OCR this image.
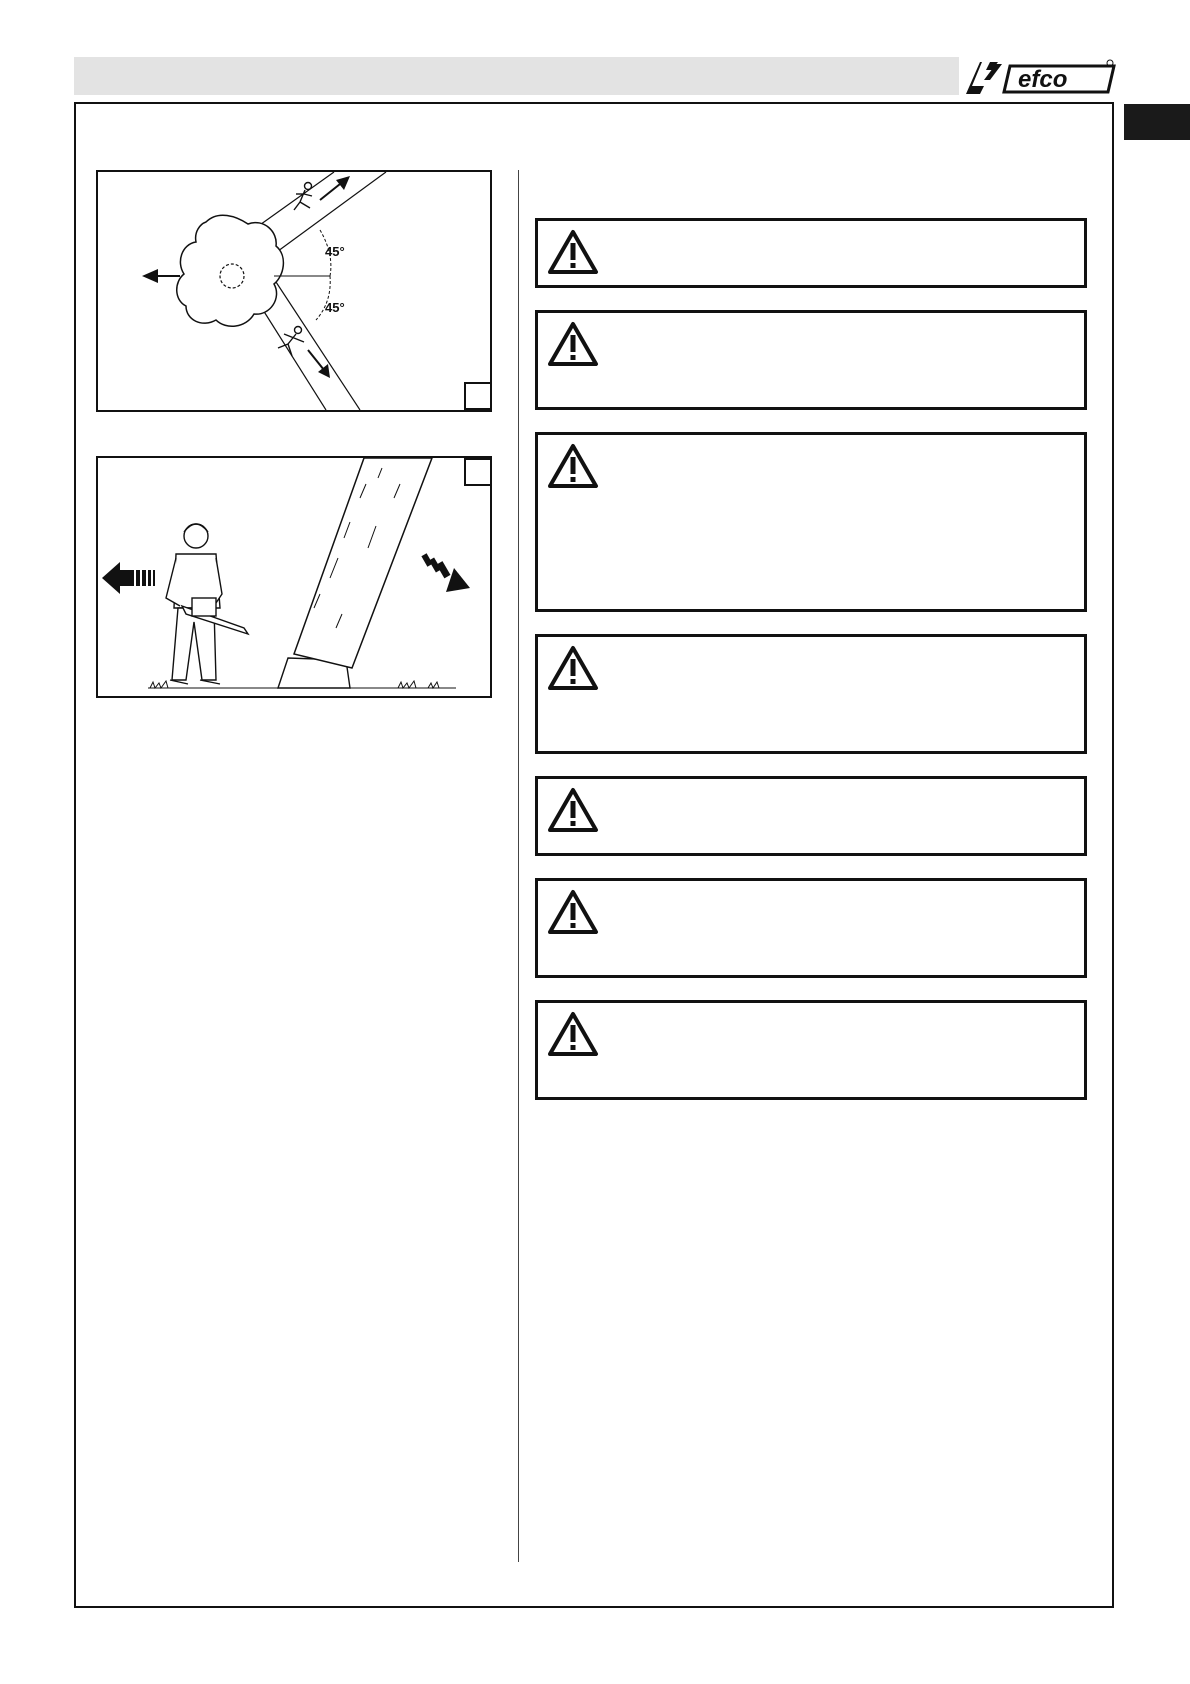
efco
45°
45°
